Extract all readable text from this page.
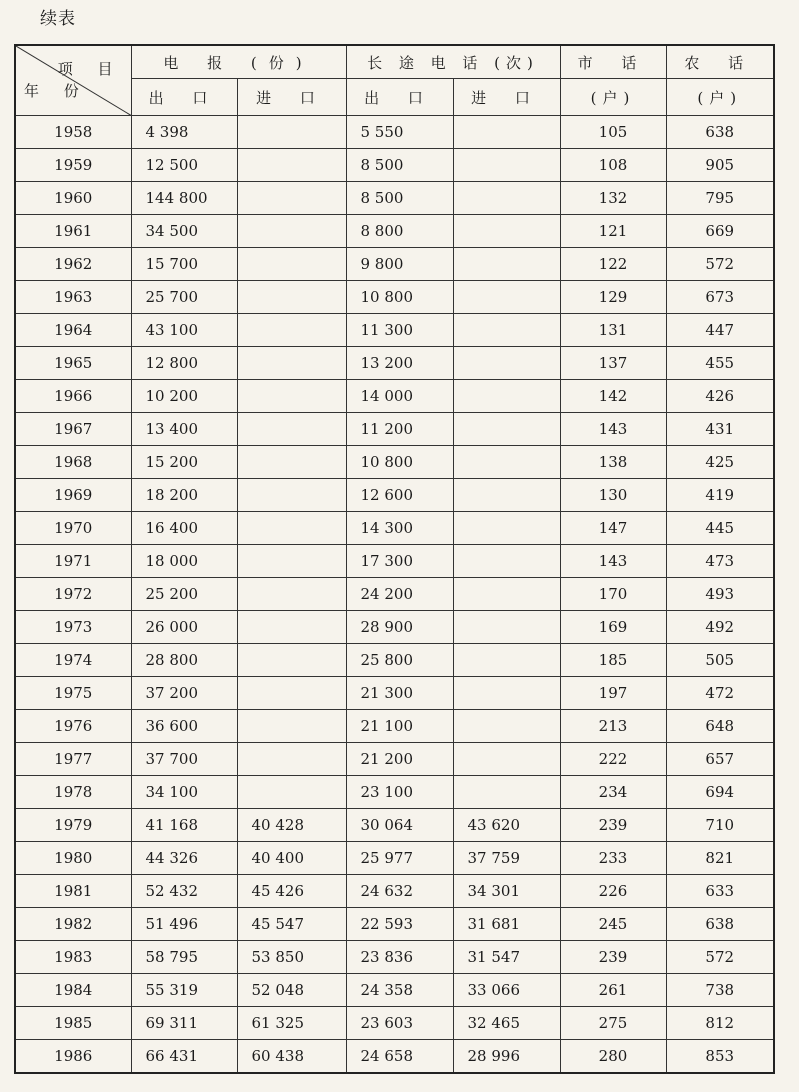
续表
项 目
年 份	电 报 (份)		长 途 电 话 (次)		市 话	农 话
	出 口	进 口	出 口	进 口	(户)	(户)
1958	4 398		5 550		105	638
1959	12 500		8 500		108	905
1960	144 800		8 500		132	795
1961	34 500		8 800		121	669
1962	15 700		9 800		122	572
1963	25 700		10 800		129	673
1964	43 100		11 300		131	447
1965	12 800		13 200		137	455
1966	10 200		14 000		142	426
1967	13 400		11 200		143	431
1968	15 200		10 800		138	425
1969	18 200		12 600		130	419
1970	16 400		14 300		147	445
1971	18 000		17 300		143	473
1972	25 200		24 200		170	493
1973	26 000		28 900		169	492
1974	28 800		25 800		185	505
1975	37 200		21 300		197	472
1976	36 600		21 100		213	648
1977	37 700		21 200		222	657
1978	34 100		23 100		234	694
1979	41 168	40 428	30 064	43 620	239	710
1980	44 326	40 400	25 977	37 759	233	821
1981	52 432	45 426	24 632	34 301	226	633
1982	51 496	45 547	22 593	31 681	245	638
1983	58 795	53 850	23 836	31 547	239	572
1984	55 319	52 048	24 358	33 066	261	738
1985	69 311	61 325	23 603	32 465	275	812
1986	66 431	60 438	24 658	28 996	280	853
